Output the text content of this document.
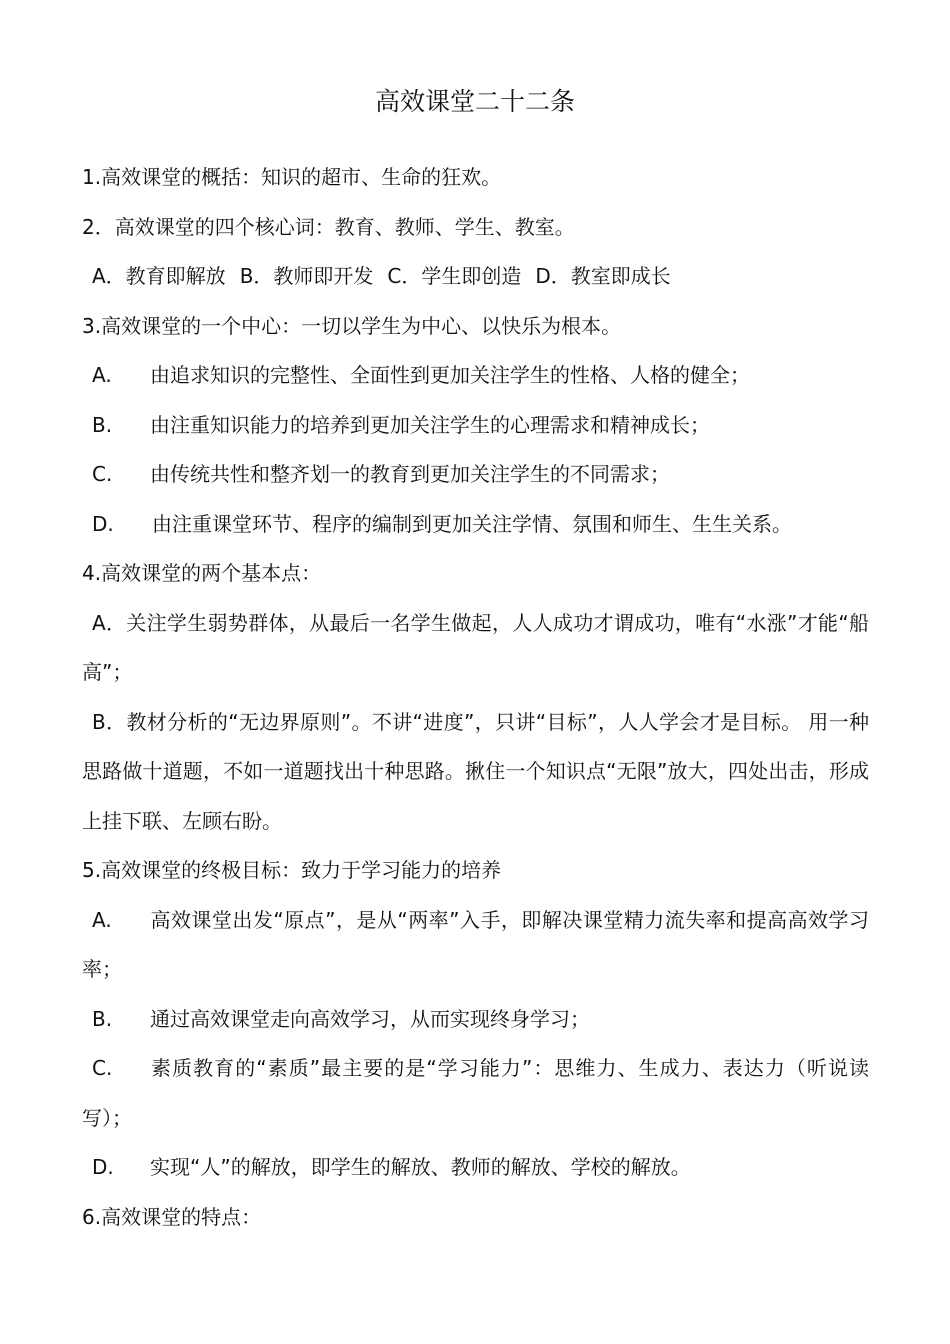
高效课堂二十二条

1.高效课堂的概括：知识的超市、生命的狂欢。

2．高效课堂的四个核心词：教育、教师、学生、教室。

A．教育即解放 B．教师即开发 C．学生即创造 D．教室即成长

3.高效课堂的一个中心：一切以学生为中心、以快乐为根本。

A. 由追求知识的完整性、全面性到更加关注学生的性格、人格的健全；

B. 由注重知识能力的培养到更加关注学生的心理需求和精神成长；

C. 由传统共性和整齐划一的教育到更加关注学生的不同需求；

D. 由注重课堂环节、程序的编制到更加关注学情、氛围和师生、生生关系。

4.高效课堂的两个基本点：

A．关注学生弱势群体，从最后一名学生做起，人人成功才谓成功，唯有“水涨”才能“船高”；

B．教材分析的“无边界原则”。不讲“进度”，只讲“目标”，人人学会才是目标。 用一种思路做十道题，不如一道题找出十种思路。揪住一个知识点“无限”放大，四处出击，形成上挂下联、左顾右盼。

5.高效课堂的终极目标：致力于学习能力的培养

A. 高效课堂出发“原点”，是从“两率”入手，即解决课堂精力流失率和提高高效学习率；

B. 通过高效课堂走向高效学习，从而实现终身学习；

C. 素质教育的“素质”最主要的是“学习能力”：思维力、生成力、表达力（听说读写）；

D. 实现“人”的解放，即学生的解放、教师的解放、学校的解放。

6.高效课堂的特点：
